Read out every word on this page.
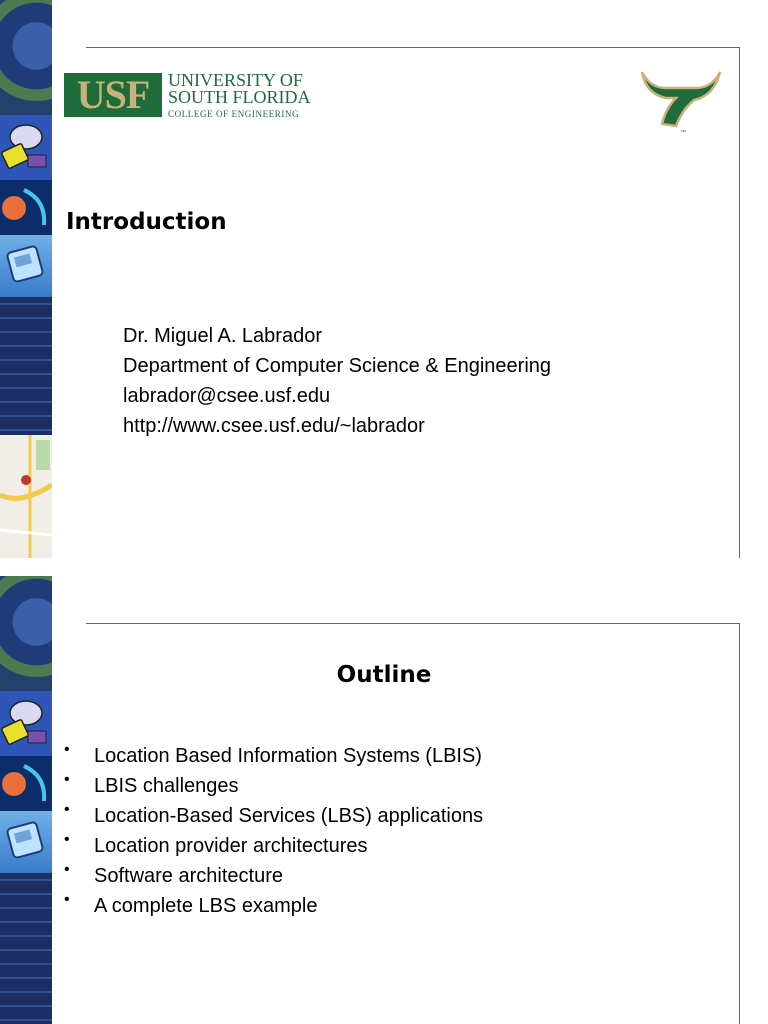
USF	UNIVERSITY OF
SOUTH FLORIDA
COLLEGE OF ENGINEERING
™
Introduction
Dr. Miguel A. Labrador
Department of Computer Science & Engineering
labrador@csee.usf.edu
http://www.csee.usf.edu/~labrador
Outline
• Location Based Information Systems (LBIS)
• LBIS challenges
• Location-Based Services (LBS) applications
• Location provider architectures
• Software architecture
• A complete LBS example
